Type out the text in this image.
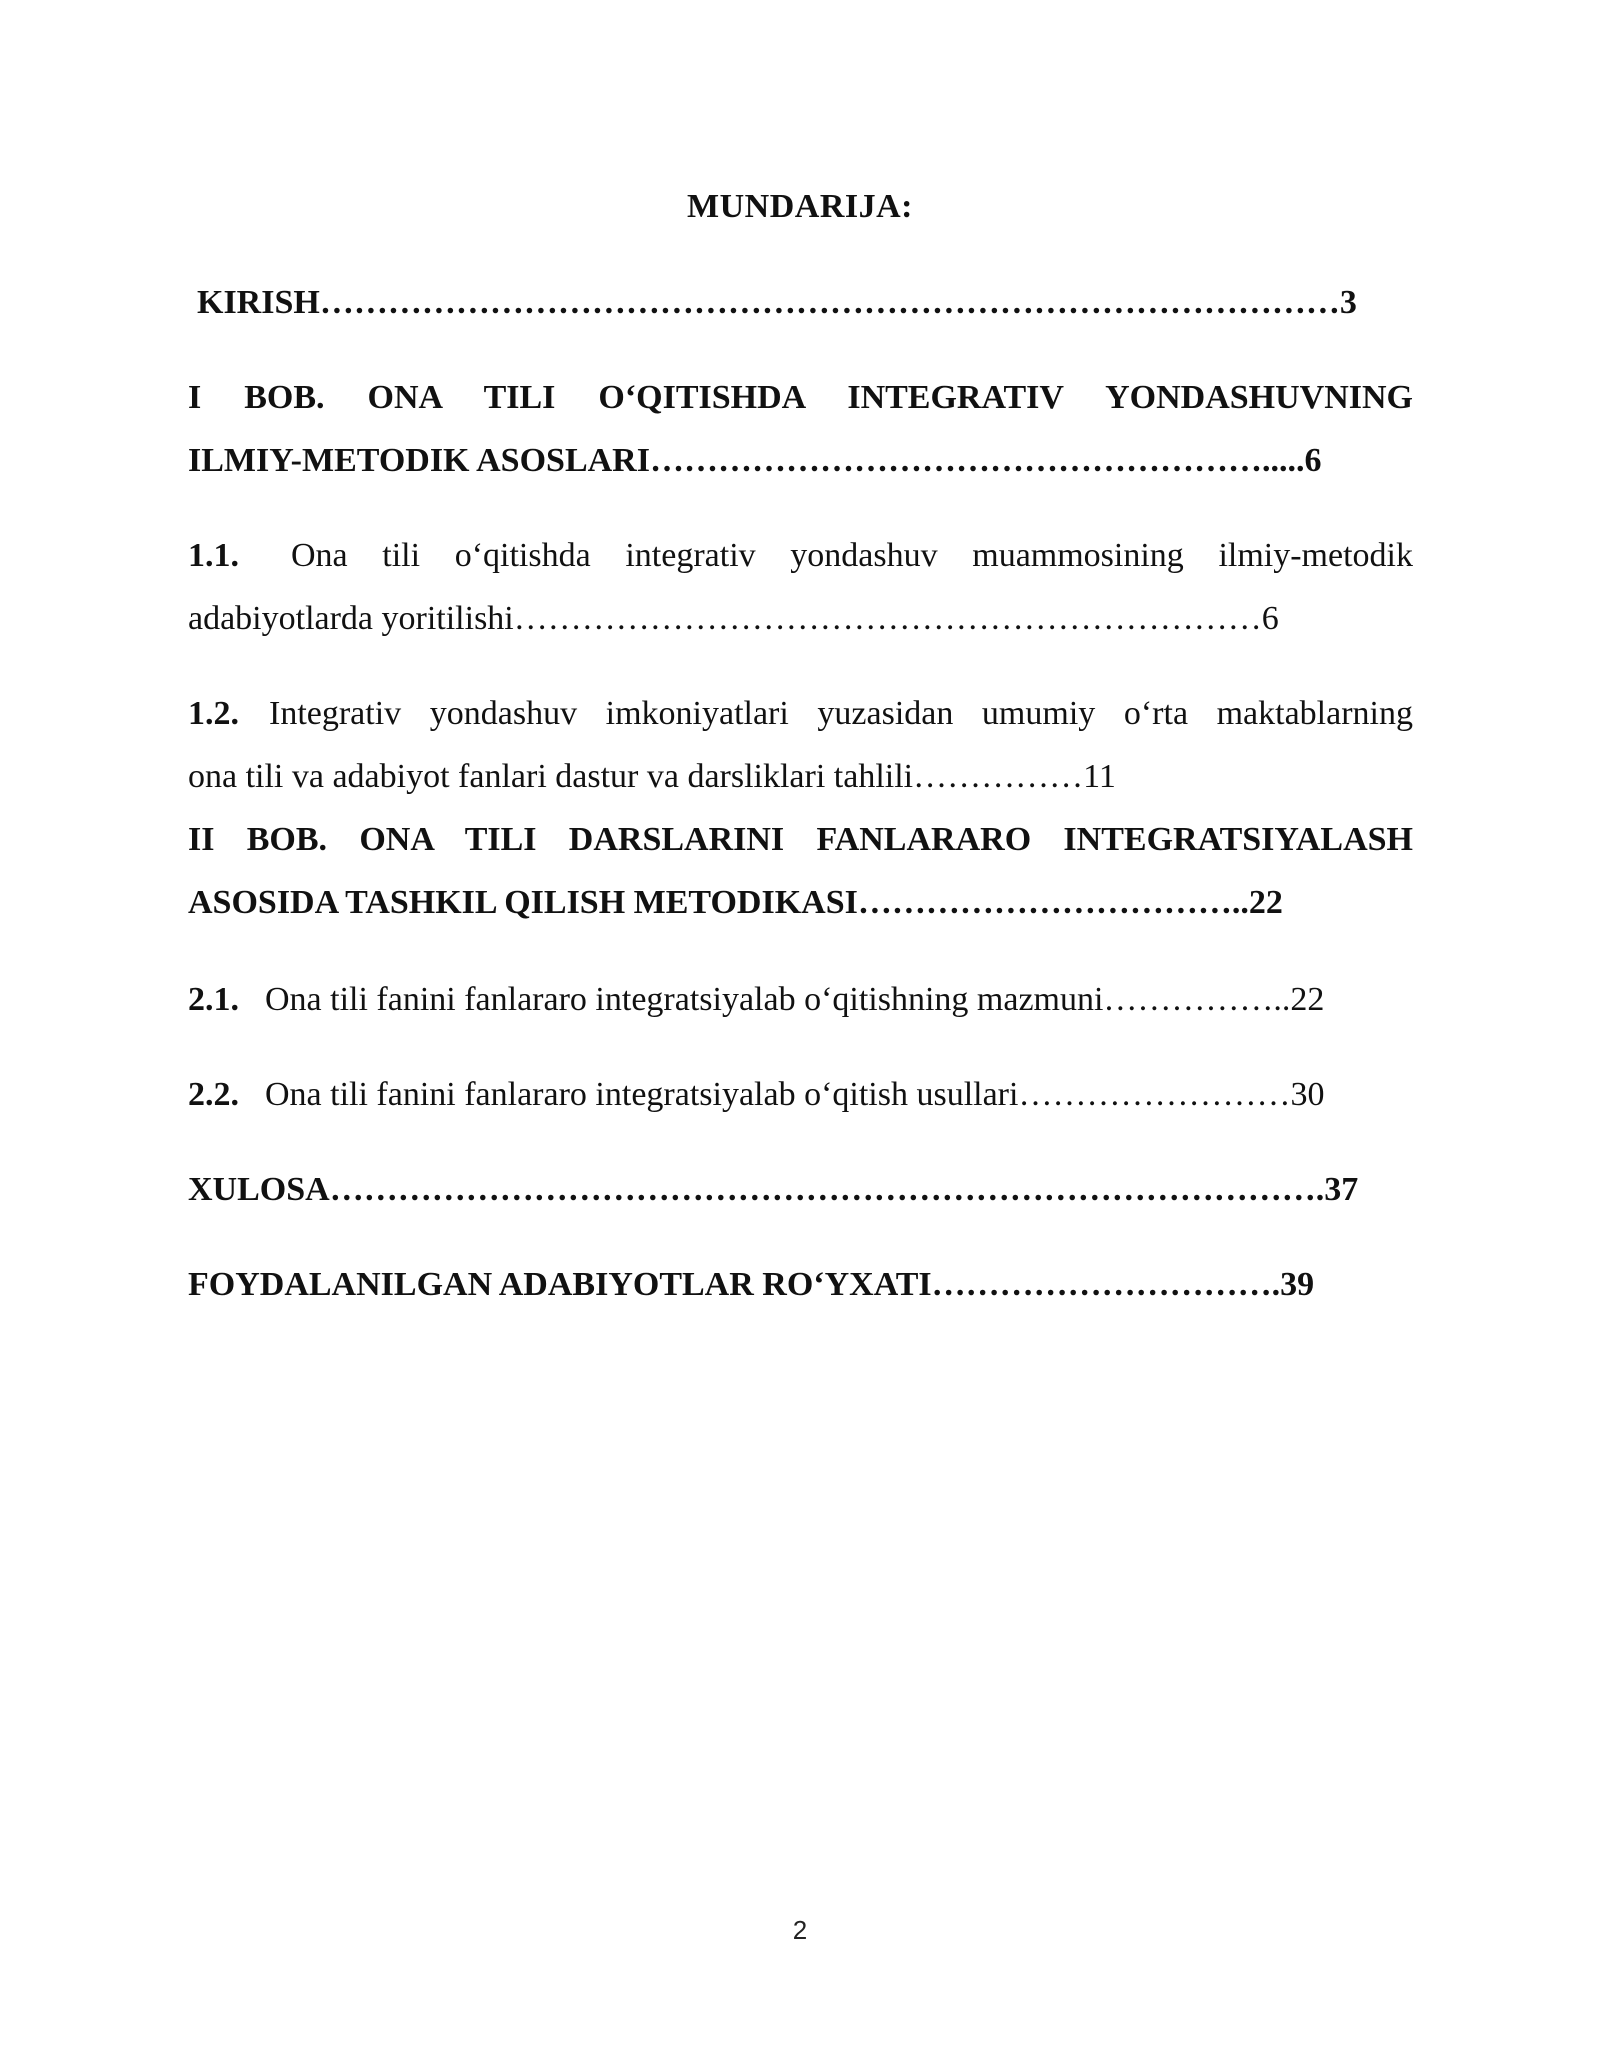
MUNDARIJA:
KIRISH………………………………………………………………………………3
I BOB. ONA TILI O‘QITISHDA INTEGRATIV YONDASHUVNING
ILMIY-METODIK ASOSLARI……………………………………………….....6
1.1. Ona tili o‘qitishda integrativ yondashuv muammosining ilmiy-metodik
adabiyotlarda yoritilishi…………………………………………………………6
1.2. Integrativ yondashuv imkoniyatlari yuzasidan umumiy o‘rta maktablarning
ona tili va adabiyot fanlari dastur va darsliklari tahlili……………11
II BOB. ONA TILI DARSLARINI FANLARARO INTEGRATSIYALASH
ASOSIDA TASHKIL QILISH METODIKASI……………………………..22
2.1. Ona tili fanini fanlararo integratsiyalab o‘qitishning mazmuni……………..22
2.2. Ona tili fanini fanlararo integratsiyalab o‘qitish usullari……………………30
XULOSA…………………………………………………………………………….37
FOYDALANILGAN ADABIYOTLAR RO‘YXATI………………………….39
2
